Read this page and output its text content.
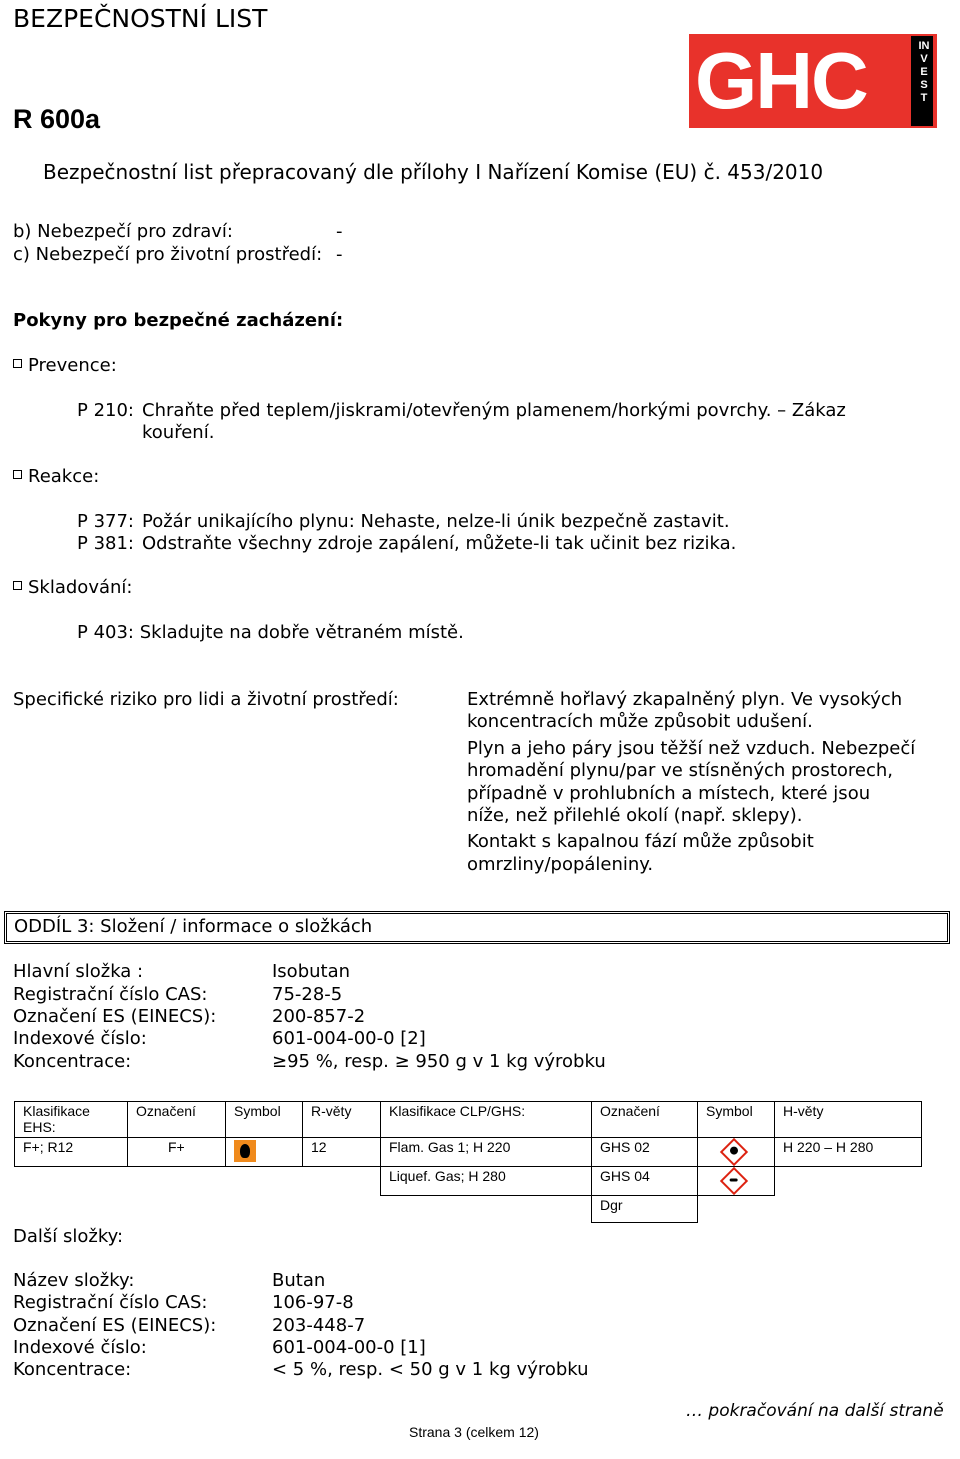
BEZPEČNOSTNÍ LIST
R 600a
Bezpečnostní list přepracovaný dle přílohy I Nařízení Komise (EU) č. 453/2010
GHC	INVEST
b) Nebezpečí pro zdraví:	-
c) Nebezpečí pro životní prostředí: -
Pokyny pro bezpečné zacházení:
Prevence:
P 210: Chraňte před teplem/jiskrami/otevřeným plamenem/horkými povrchy. – Zákaz
kouření.
Reakce:
P 377: Požár unikajícího plynu: Nehaste, nelze-li únik bezpečně zastavit.
P 381: Odstraňte všechny zdroje zapálení, můžete-li tak učinit bez rizika.
Skladování:
P 403: Skladujte na dobře větraném místě.
Specifické riziko pro lidi a životní prostředí:	Extrémně hořlavý zkapalněný plyn. Ve vysokých
koncentracích může způsobit udušení.
Plyn a jeho páry jsou těžší než vzduch. Nebezpečí
hromadění plynu/par ve stísněných prostorech,
případně v prohlubních a místech, které jsou
níže, než přilehlé okolí (např. sklepy).
Kontakt s kapalnou fází může způsobit
omrzliny/popáleniny.
ODDÍL 3: Složení / informace o složkách
Hlavní složka :	Isobutan
Registrační číslo CAS:	75-28-5
Označení ES (EINECS):	200-857-2
Indexové číslo:	601-004-00-0 [2]
Koncentrace:	≥95 %, resp. ≥ 950 g v 1 kg výrobku
Klasifikace EHS:	Označení	Symbol	R-věty	Klasifikace CLP/GHS:	Označení	Symbol	H-věty
F+; R12	F+		12	Flam. Gas 1; H 220	GHS 02		H 220 – H 280
				Liquef. Gas; H 280	GHS 04	

					Dgr		
Další složky:
Název složky:	Butan
Registrační číslo CAS:	106-97-8
Označení ES (EINECS):	203-448-7
Indexové číslo:	601-004-00-0 [1]
Koncentrace:	< 5 %, resp. < 50 g v 1 kg výrobku
… pokračování na další straně
Strana 3 (celkem 12)
